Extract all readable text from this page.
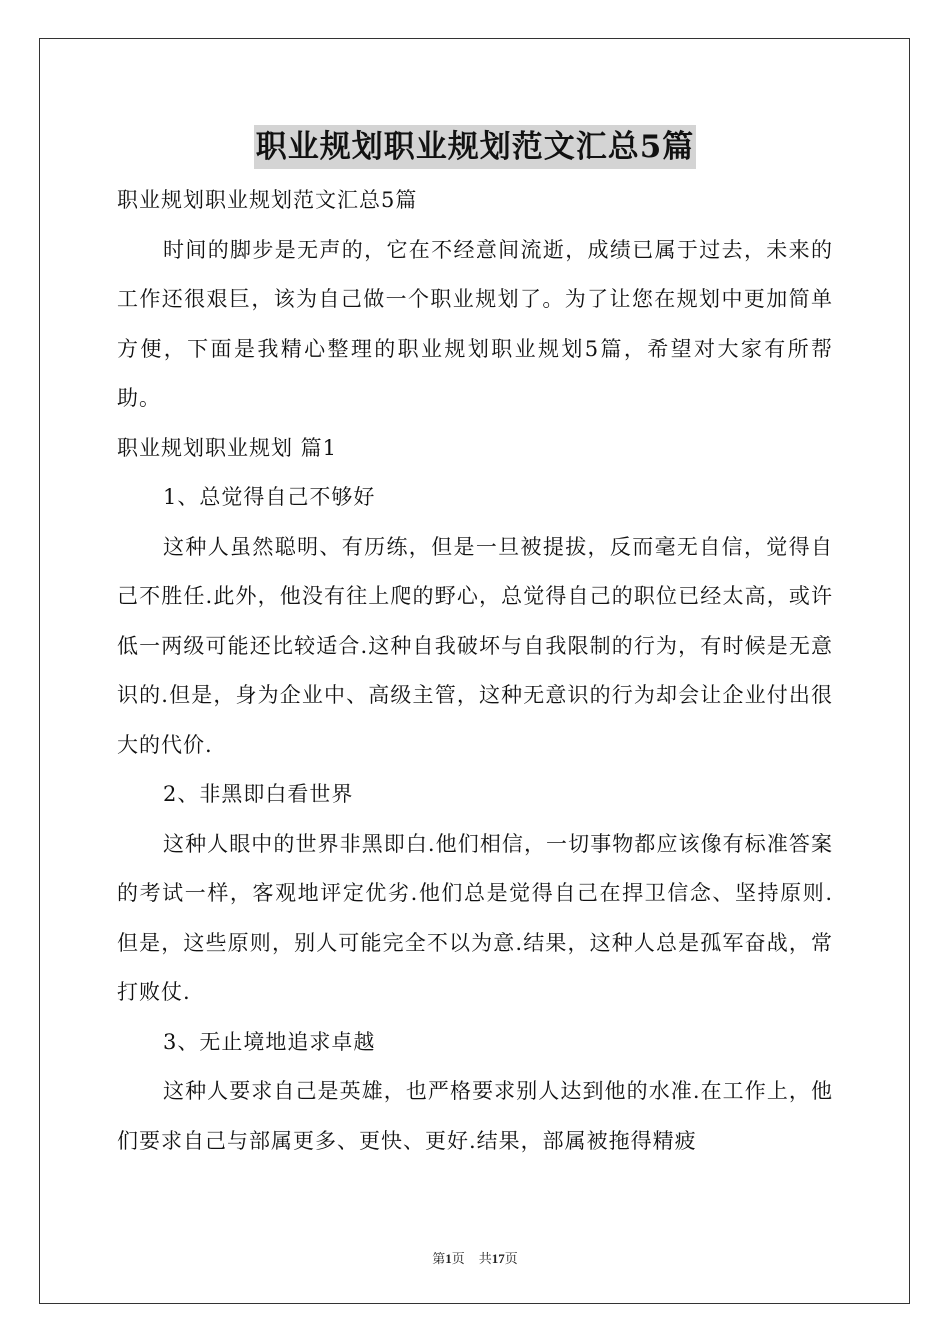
职业规划职业规划范文汇总5篇

职业规划职业规划范文汇总5篇

时间的脚步是无声的，它在不经意间流逝，成绩已属于过去，未来的工作还很艰巨，该为自己做一个职业规划了。为了让您在规划中更加简单方便，下面是我精心整理的职业规划职业规划5篇，希望对大家有所帮助。

职业规划职业规划 篇1

1、总觉得自己不够好

这种人虽然聪明、有历练，但是一旦被提拔，反而毫无自信，觉得自己不胜任.此外，他没有往上爬的野心，总觉得自己的职位已经太高，或许低一两级可能还比较适合.这种自我破坏与自我限制的行为，有时候是无意识的.但是，身为企业中、高级主管，这种无意识的行为却会让企业付出很大的代价.

2、非黑即白看世界

这种人眼中的世界非黑即白.他们相信，一切事物都应该像有标准答案的考试一样，客观地评定优劣.他们总是觉得自己在捍卫信念、坚持原则.但是，这些原则，别人可能完全不以为意.结果，这种人总是孤军奋战，常打败仗.

3、无止境地追求卓越

这种人要求自己是英雄，也严格要求别人达到他的水准.在工作上，他们要求自己与部属更多、更快、更好.结果，部属被拖得精疲

第1页 共17页
